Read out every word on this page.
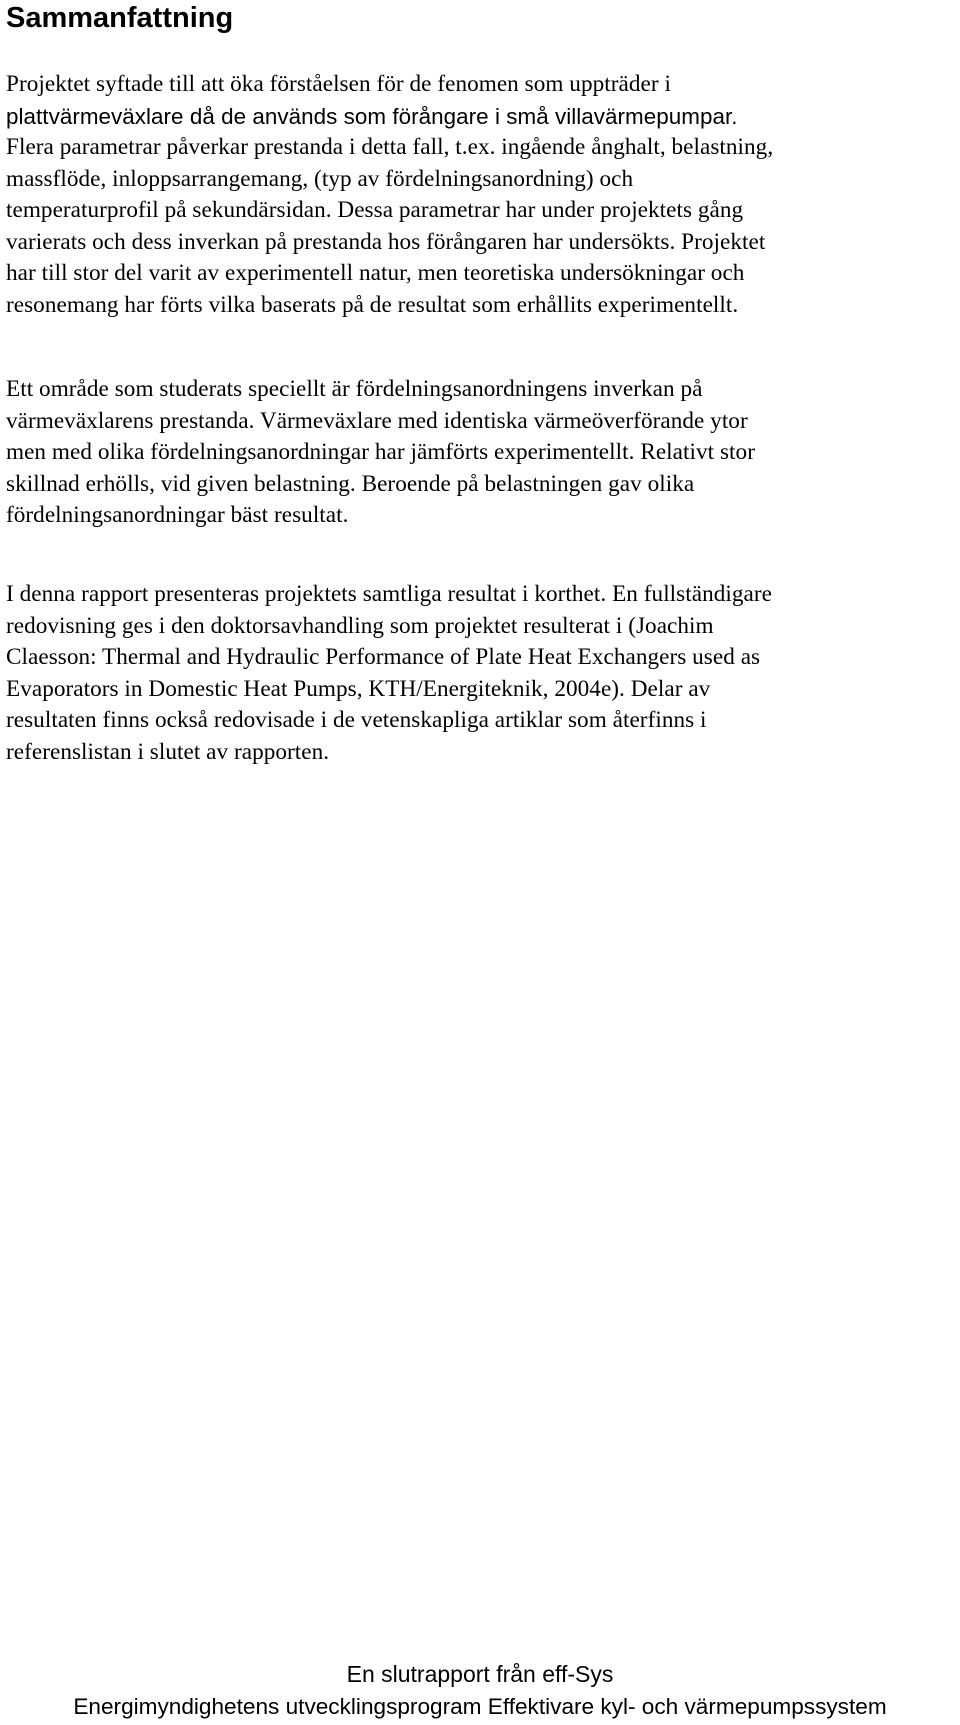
Sammanfattning
Projektet syftade till att öka förståelsen för de fenomen som uppträder i
plattvärmeväxlare då de används som förångare i små villavärmepumpar.
Flera parametrar påverkar prestanda i detta fall, t.ex. ingående ånghalt, belastning,
massflöde, inloppsarrangemang, (typ av fördelningsanordning) och
temperaturprofil på sekundärsidan. Dessa parametrar har under projektets gång
varierats och dess inverkan på prestanda hos förångaren har undersökts. Projektet
har till stor del varit av experimentell natur, men teoretiska undersökningar och
resonemang har förts vilka baserats på de resultat som erhållits experimentellt.
Ett område som studerats speciellt är fördelningsanordningens inverkan på
värmeväxlarens prestanda. Värmeväxlare med identiska värmeöverförande ytor
men med olika fördelningsanordningar har jämförts experimentellt. Relativt stor
skillnad erhölls, vid given belastning. Beroende på belastningen gav olika
fördelningsanordningar bäst resultat.
I denna rapport presenteras projektets samtliga resultat i korthet. En fullständigare
redovisning ges i den doktorsavhandling som projektet resulterat i (Joachim
Claesson: Thermal and Hydraulic Performance of Plate Heat Exchangers used as
Evaporators in Domestic Heat Pumps, KTH/Energiteknik, 2004e). Delar av
resultaten finns också redovisade i de vetenskapliga artiklar som återfinns i
referenslistan i slutet av rapporten.
En slutrapport från eff-Sys
Energimyndighetens utvecklingsprogram Effektivare kyl- och värmepumpssystem
